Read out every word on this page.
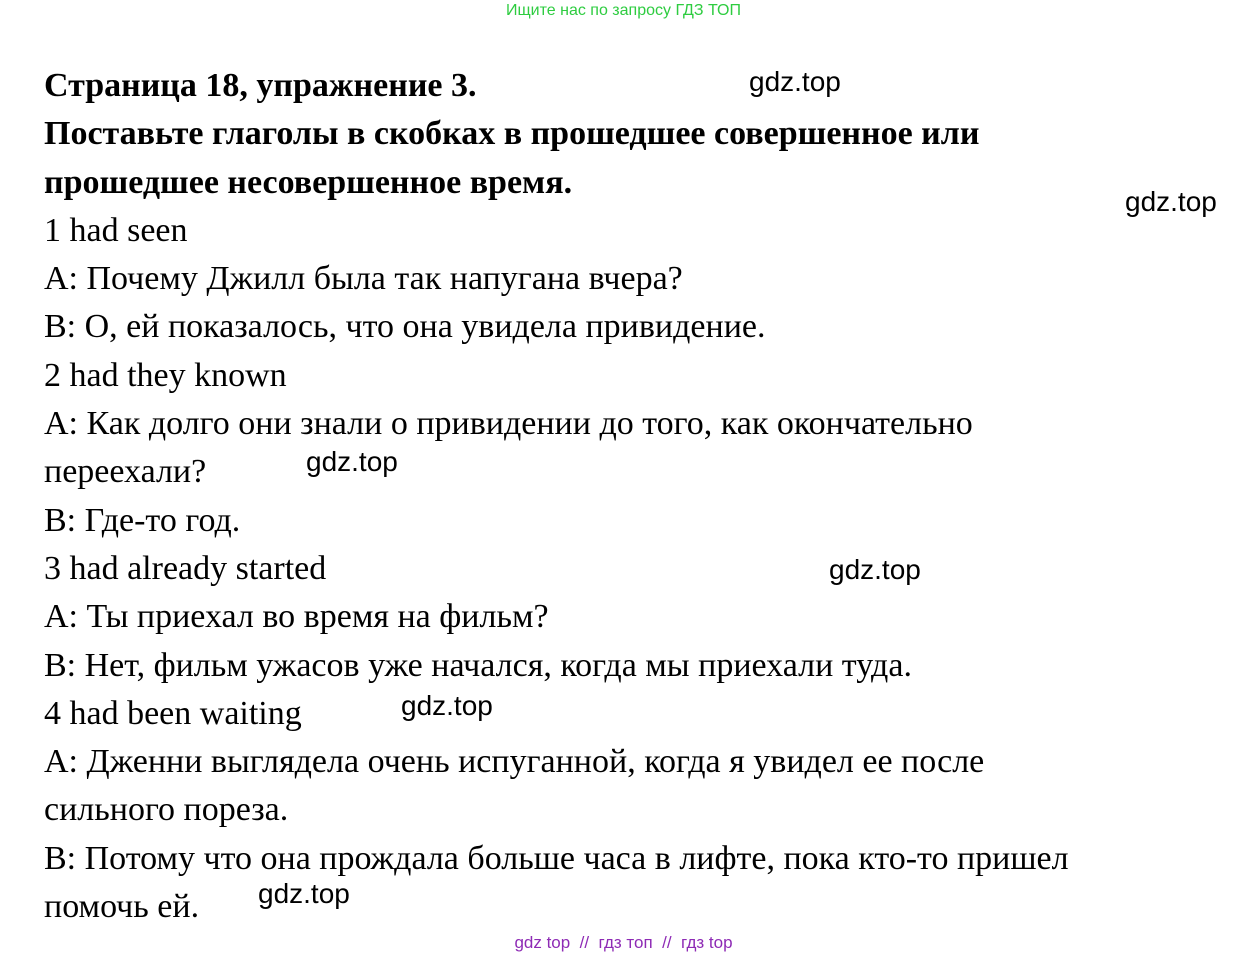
Ищите нас по запросу ГДЗ ТОП
Страница 18, упражнение 3.
Поставьте глаголы в скобках в прошедшее совершенное или
прошедшее несовершенное время.
1 had seen
А: Почему Джилл была так напугана вчера?
В: О, ей показалось, что она увидела привидение.
2 had they known
А: Как долго они знали о привидении до того, как окончательно
переехали?
В: Где-то год.
3 had already started
А: Ты приехал во время на фильм?
В: Нет, фильм ужасов уже начался, когда мы приехали туда.
4 had been waiting
А: Дженни выглядела очень испуганной, когда я увидел ее после
сильного пореза.
В: Потому что она прождала больше часа в лифте, пока кто-то пришел
помочь ей.
gdz.top
gdz.top
gdz.top
gdz.top
gdz.top
gdz.top
gdz top  //  гдз топ  //  гдз top
